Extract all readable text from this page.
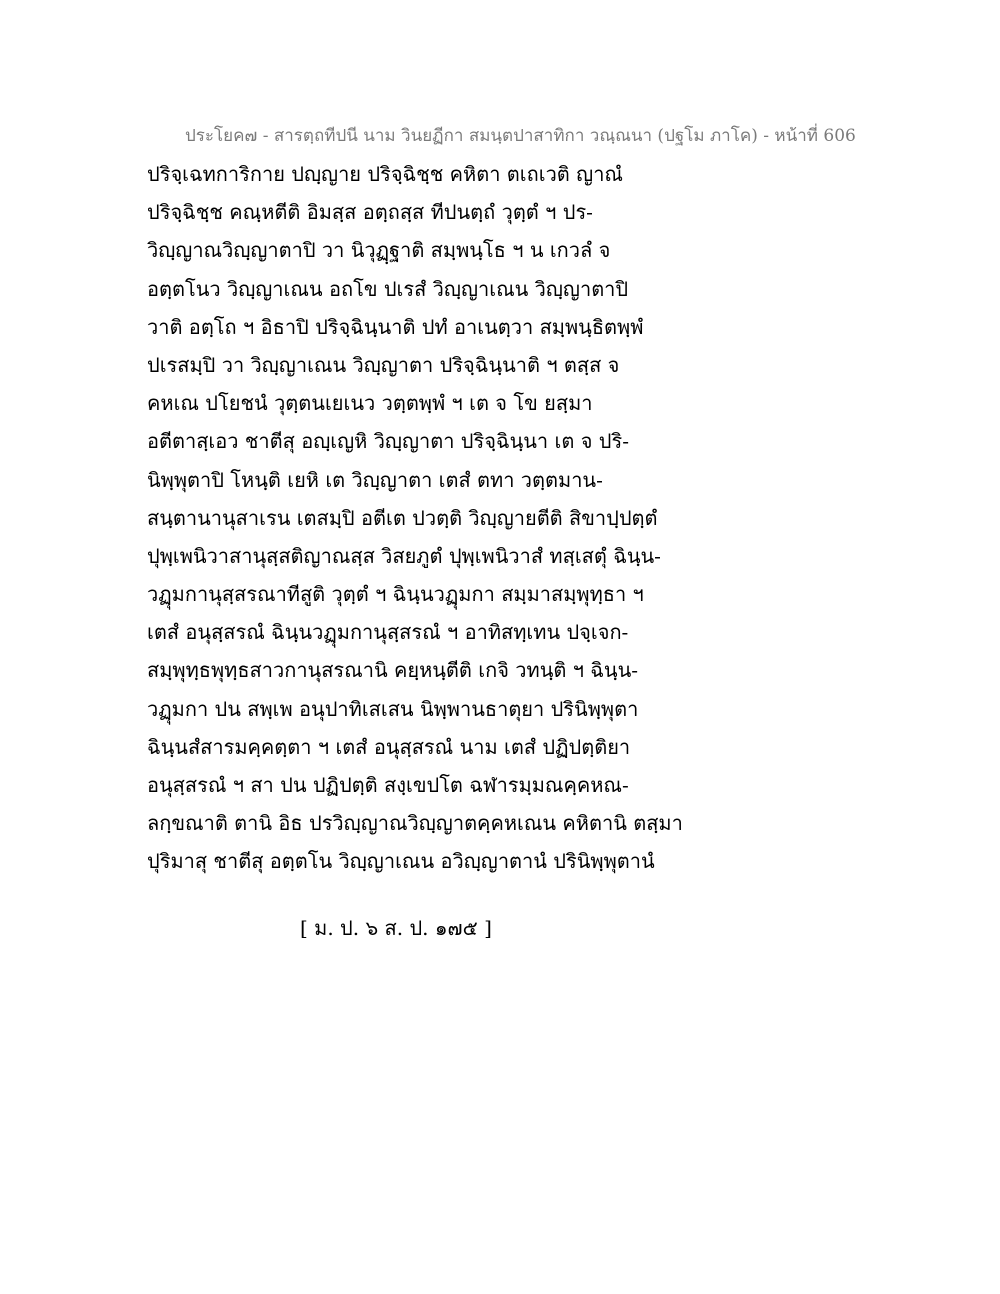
ประโยค๗ - สารตฺถทีปนี นาม วินยฏีกา สมนฺตปาสาทิกา วณฺณนา (ปฐโม ภาโค) - หน้าที่ 606
ปริจฺเฉทการิกาย ปญฺญาย ปริจฺฉิชฺช คหิตา ตเถเวติ ญาณํ
ปริจฺฉิชฺช คณฺหตีติ อิมสฺส อตฺถสฺส ทีปนตฺถํ วุตฺตํ ฯ ปร-
วิญฺญาณวิญฺญาตาปิ วา นิวุฏฺฐาติ สมฺพนฺโธ ฯ น เกวลํ จ
อตฺตโนว วิญฺญาเณน อถโข ปเรสํ วิญฺญาเณน วิญฺญาตาปิ
วาติ อตฺโถ ฯ อิธาปิ ปริจฺฉินฺนาติ ปทํ อาเนตฺวา สมฺพนฺธิตพฺพํ
ปเรสมฺปิ วา วิญฺญาเณน วิญฺญาตา ปริจฺฉินฺนาติ ฯ ตสฺส จ
คหเณ ปโยชนํ วุตฺตนเยเนว วตฺตพฺพํ ฯ เต จ โข ยสฺมา
อตีตาสฺเอว ชาตีสุ อญฺเญหิ วิญฺญาตา ปริจฺฉินฺนา เต จ ปริ-
นิพฺพุตาปิ โหนฺติ เยหิ เต วิญฺญาตา เตสํ ตทา วตฺตมาน-
สนฺตานานุสาเรน เตสมฺปิ อตีเต ปวตฺติ วิญฺญายตีติ สิขาปฺปตฺตํ
ปุพฺเพนิวาสานุสฺสติญาณสฺส วิสยภูตํ ปุพฺเพนิวาสํ ทสฺเสตุํ ฉินฺน-
วฏุมกานุสฺสรณาทีสูติ วุตฺตํ ฯ ฉินฺนวฏุมกา สมฺมาสมฺพุทฺธา ฯ
เตสํ อนุสฺสรณํ ฉินฺนวฏุมกานุสฺสรณํ ฯ อาทิสทฺเทน ปจฺเจก-
สมฺพุทฺธพุทฺธสาวกานุสรณานิ คยฺหนฺตีติ เกจิ วทนฺติ ฯ ฉินฺน-
วฏุมกา ปน สพฺเพ อนุปาทิเสเสน นิพฺพานธาตุยา ปรินิพฺพุตา
ฉินฺนสํสารมคฺคตฺตา ฯ เตสํ อนุสฺสรณํ นาม เตสํ ปฏิปตฺติยา
อนุสฺสรณํ ฯ สา ปน ปฏิปตฺติ สงฺเขปโต ฉฬารมฺมณคฺคหณ-
ลกฺขณาติ ตานิ อิธ ปรวิญฺญาณวิญฺญาตคฺคหเณน คหิตานิ ตสฺมา
ปุริมาสุ ชาตีสุ อตฺตโน วิญฺญาเณน อวิญฺญาตานํ ปรินิพฺพุตานํ
[ ม. ป. ๖ ส. ป. ๑๗๕ ]
